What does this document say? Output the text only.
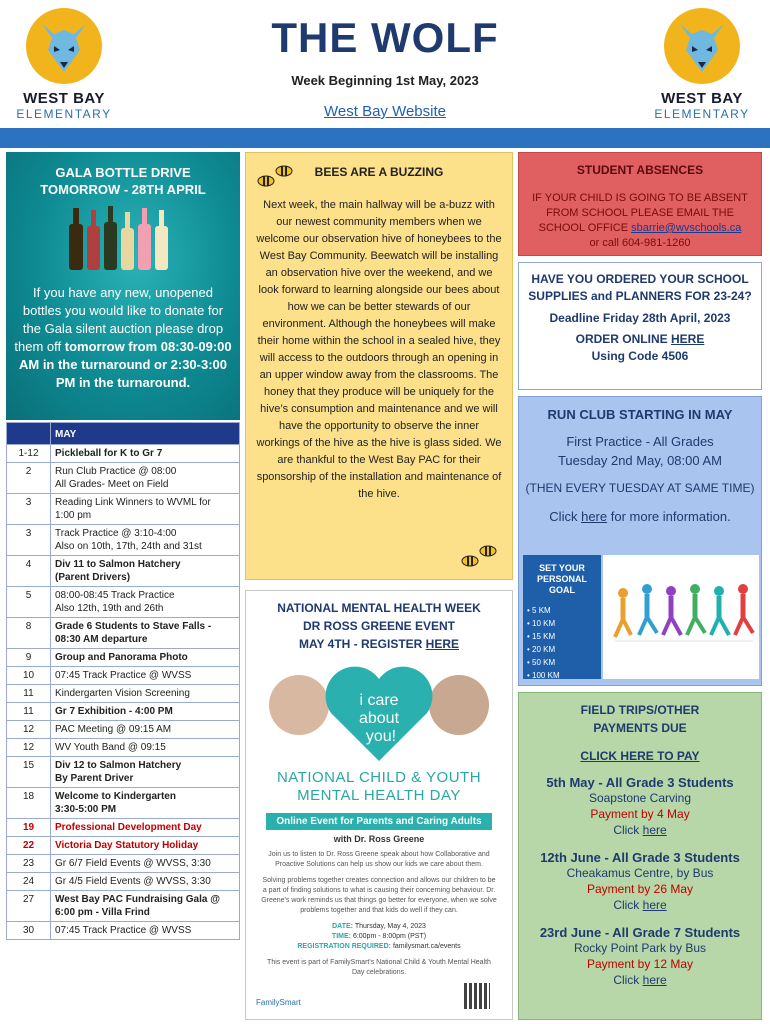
WEST BAY
ELEMENTARY
THE WOLF
Week Beginning 1st May, 2023
West Bay Website
WEST BAY
ELEMENTARY
GALA BOTTLE DRIVE
TOMORROW - 28TH APRIL
If you have any new, unopened bottles you would like to donate for the Gala silent auction please drop them off tomorrow from 08:30-09:00 AM in the turnaround or 2:30-3:00 PM in the turnaround.
	MAY
1-12	Pickleball for K to Gr 7

2	Run Club Practice @ 08:00
All Grades- Meet on Field

3	Reading Link Winners to WVML for
1:00 pm

3	Track Practice @ 3:10-4:00
Also on 10th, 17th, 24th and 31st

4	Div 11 to Salmon Hatchery
(Parent Drivers)

5	08:00-08:45 Track Practice
Also 12th, 19th and 26th

8	Grade 6 Students to Stave Falls -
08:30 AM departure

9	Group and Panorama Photo

10	07:45 Track Practice @ WVSS

11	Kindergarten Vision Screening

11	Gr 7 Exhibition - 4:00 PM

12	PAC Meeting @ 09:15 AM

12	WV Youth Band @ 09:15

15	Div 12 to Salmon Hatchery
By Parent Driver

18	Welcome to Kindergarten
3:30-5:00 PM

19	Professional Development Day

22	Victoria Day Statutory Holiday

23	Gr 6/7 Field Events @ WVSS, 3:30

24	Gr 4/5 Field Events @ WVSS, 3:30

27	West Bay PAC Fundraising Gala @
6:00 pm - Villa Frind

30	07:45 Track Practice @ WVSS
BEES ARE A BUZZING
Next week, the main hallway will be a-buzz with our newest community members when we welcome our observation hive of honeybees to the West Bay Community. Beewatch will be installing an observation hive over the weekend, and we look forward to learning alongside our bees about how we can be better stewards of our environment. Although the honeybees will make their home within the school in a sealed hive, they will access to the outdoors through an opening in an upper window away from the classrooms. The honey that they produce will be uniquely for the hive’s consumption and maintenance and we will have the opportunity to observe the inner workings of the hive as the hive is glass sided. We are thankful to the West Bay PAC for their sponsorship of the installation and maintenance of the hive.
NATIONAL MENTAL HEALTH WEEK
DR ROSS GREENE EVENT
MAY 4TH - REGISTER HERE
i care
about
you!
NATIONAL CHILD & YOUTH
MENTAL HEALTH DAY
Online Event for Parents and Caring Adults
with Dr. Ross Greene
Join us to listen to Dr. Ross Greene speak about how Collaborative and Proactive Solutions can help us show our kids we care about them.
Solving problems together creates connection and allows our children to be a part of finding solutions to what is causing their concerning behaviour. Dr. Greene's work reminds us that things go better for everyone, when we solve problems together and that kids do well if they can.
DATE: Thursday, May 4, 2023
TIME: 6:00pm - 8:00pm (PST)
REGISTRATION REQUIRED: familysmart.ca/events
This event is part of FamilySmart's National Child & Youth Mental Health Day celebrations.
FamilySmart
STUDENT ABSENCES
IF YOUR CHILD IS GOING TO BE ABSENT FROM SCHOOL PLEASE EMAIL THE SCHOOL OFFICE sbarrie@wvschools.ca
or call 604-981-1260
HAVE YOU ORDERED YOUR SCHOOL SUPPLIES and PLANNERS FOR 23-24?
Deadline Friday 28th April, 2023
ORDER ONLINE HERE
Using Code 4506
RUN CLUB STARTING IN MAY
First Practice - All Grades
Tuesday 2nd May, 08:00 AM
(THEN EVERY TUESDAY AT SAME TIME)
Click here for more information.
SET YOUR PERSONAL GOAL
• 5 KM
• 10 KM
• 15 KM
• 20 KM
• 50 KM
• 100 KM
FIELD TRIPS/OTHER
PAYMENTS DUE
CLICK HERE TO PAY
5th May - All Grade 3 Students
Soapstone Carving
Payment by 4 May
Click here
12th June - All Grade 3 Students
Cheakamus Centre, by Bus
Payment by 26 May
Click here
23rd June - All Grade 7 Students
Rocky Point Park by Bus
Payment by 12 May
Click here
